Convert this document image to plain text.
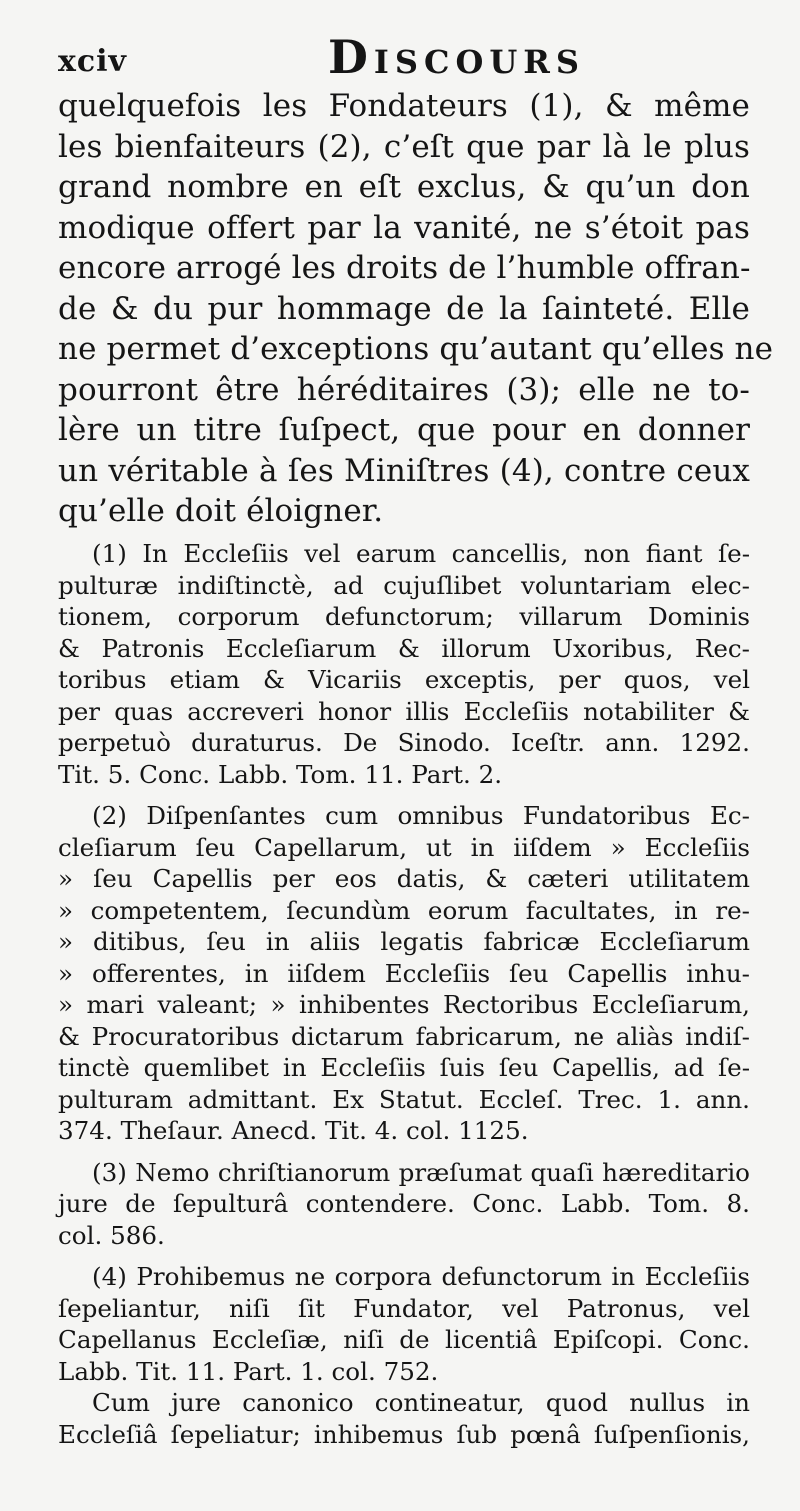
xciv	Discours
quelquefois les Fondateurs (1), & même
les bienfaiteurs (2), c’eſt que par là le plus
grand nombre en eſt exclus, & qu’un don
modique offert par la vanité, ne s’étoit pas
encore arrogé les droits de l’humble offran-
de & du pur hommage de la ſainteté. Elle
ne permet d’exceptions qu’autant qu’elles ne
pourront être héréditaires (3); elle ne to-
lère un titre ſuſpect, que pour en donner
un véritable à ſes Miniſtres (4), contre ceux
qu’elle doit éloigner.
(1) In Eccleſiis vel earum cancellis, non fiant ſe-
pulturæ indiſtinctè, ad cujuſlibet voluntariam elec-
tionem, corporum defunctorum; villarum Dominis
& Patronis Eccleſiarum & illorum Uxoribus, Rec-
toribus etiam & Vicariis exceptis, per quos, vel
per quas accreveri honor illis Eccleſiis notabiliter &
perpetuò duraturus. De Sinodo. Iceſtr. ann. 1292.
Tit. 5. Conc. Labb. Tom. 11. Part. 2.
(2) Diſpenſantes cum omnibus Fundatoribus Ec-
cleſiarum ſeu Capellarum, ut in iiſdem » Eccleſiis
» ſeu Capellis per eos datis, & cæteri utilitatem
» competentem, ſecundùm eorum facultates, in re-
» ditibus, ſeu in aliis legatis fabricæ Eccleſiarum
» offerentes, in iiſdem Eccleſiis ſeu Capellis inhu-
» mari valeant; » inhibentes Rectoribus Eccleſiarum,
& Procuratoribus dictarum fabricarum, ne aliàs indiſ-
tinctè quemlibet in Eccleſiis ſuis ſeu Capellis, ad ſe-
pulturam admittant. Ex Statut. Eccleſ. Trec. 1. ann.
374. Theſaur. Anecd. Tit. 4. col. 1125.
(3) Nemo chriſtianorum præſumat quaſi hæreditario
jure de ſepulturâ contendere. Conc. Labb. Tom. 8.
col. 586.
(4) Prohibemus ne corpora defunctorum in Eccleſiis
ſepeliantur, niſi ſit Fundator, vel Patronus, vel
Capellanus Eccleſiæ, niſi de licentiâ Epiſcopi. Conc.
Labb. Tit. 11. Part. 1. col. 752.
Cum jure canonico contineatur, quod nullus in
Eccleſiâ ſepeliatur; inhibemus ſub pœnâ ſuſpenſionis,
